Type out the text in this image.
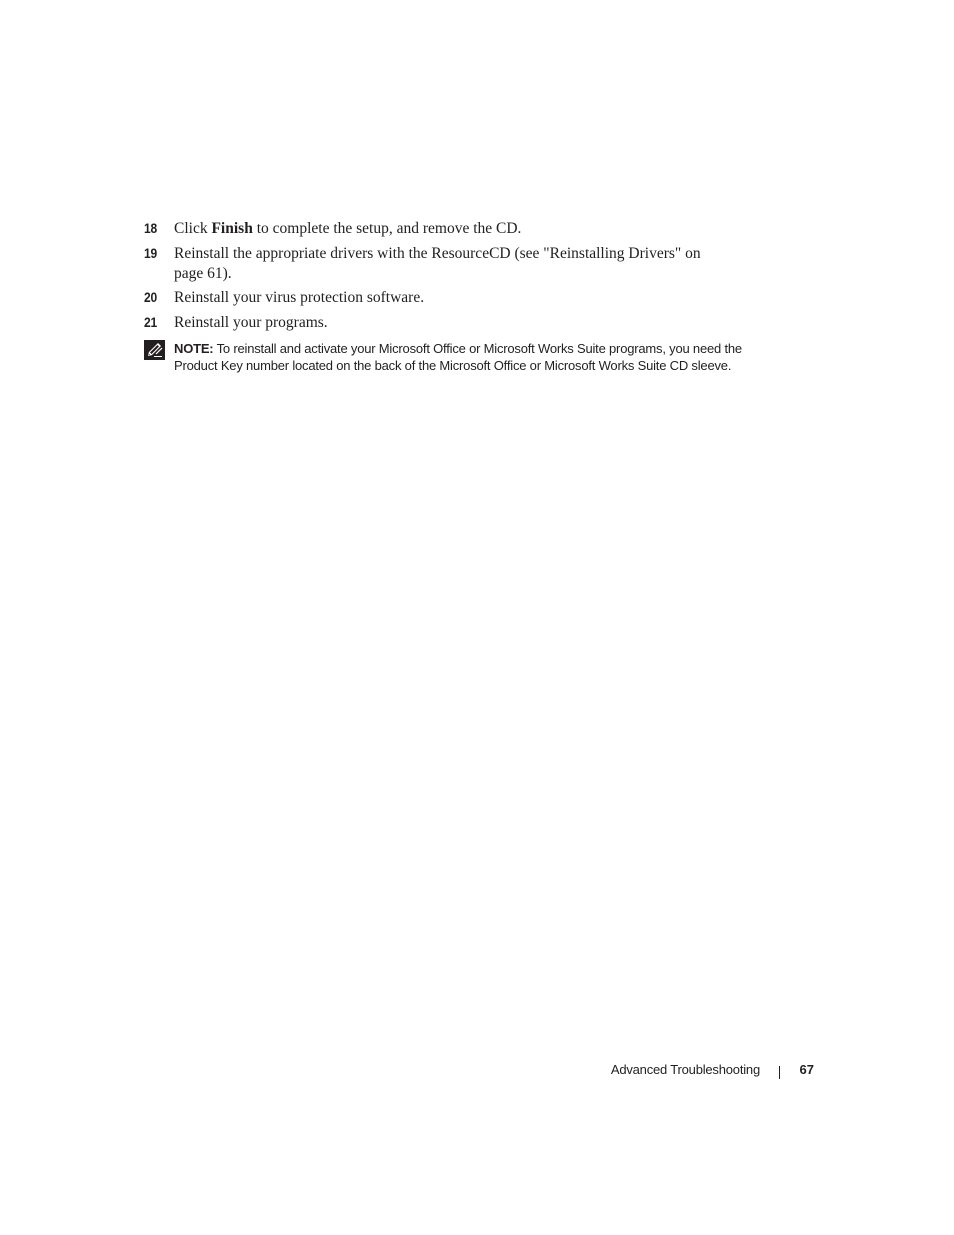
18 Click Finish to complete the setup, and remove the CD.
19 Reinstall the appropriate drivers with the ResourceCD (see "Reinstalling Drivers" on page 61).
20 Reinstall your virus protection software.
21 Reinstall your programs.
NOTE: To reinstall and activate your Microsoft Office or Microsoft Works Suite programs, you need the Product Key number located on the back of the Microsoft Office or Microsoft Works Suite CD sleeve.
Advanced Troubleshooting	67
